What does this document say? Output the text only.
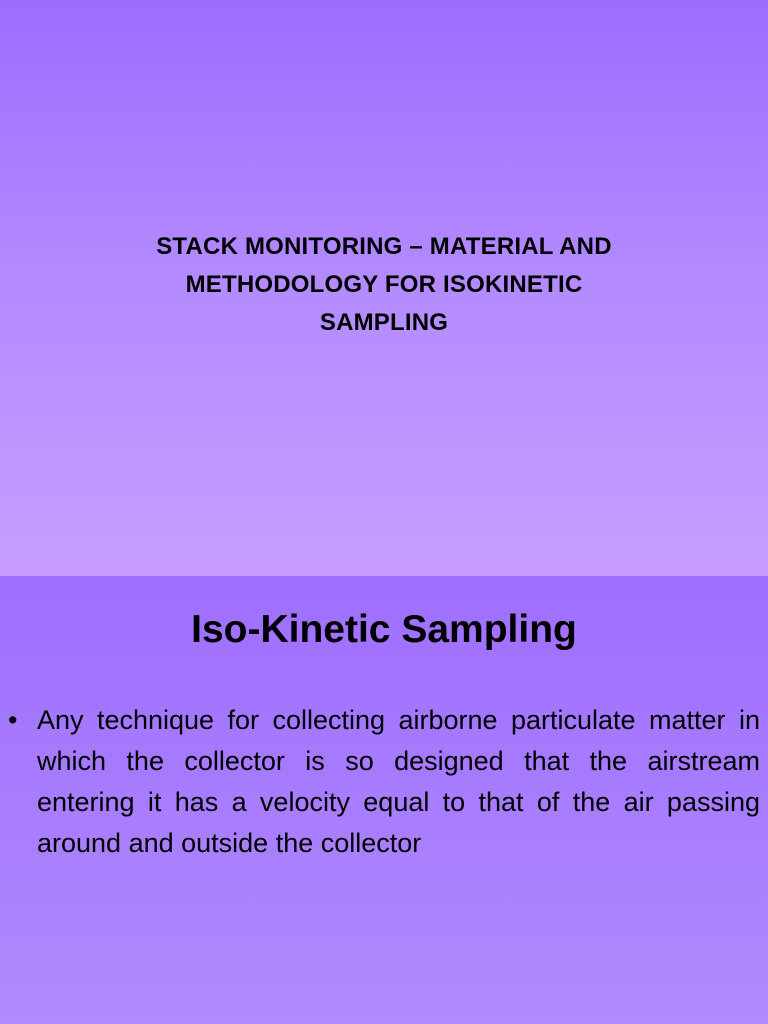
STACK MONITORING – MATERIAL AND
METHODOLOGY FOR ISOKINETIC
SAMPLING
Iso-Kinetic Sampling
• Any technique for collecting airborne particulate matter in which the collector is so designed that the airstream entering it has a velocity equal to that of the air passing around and outside the collector
